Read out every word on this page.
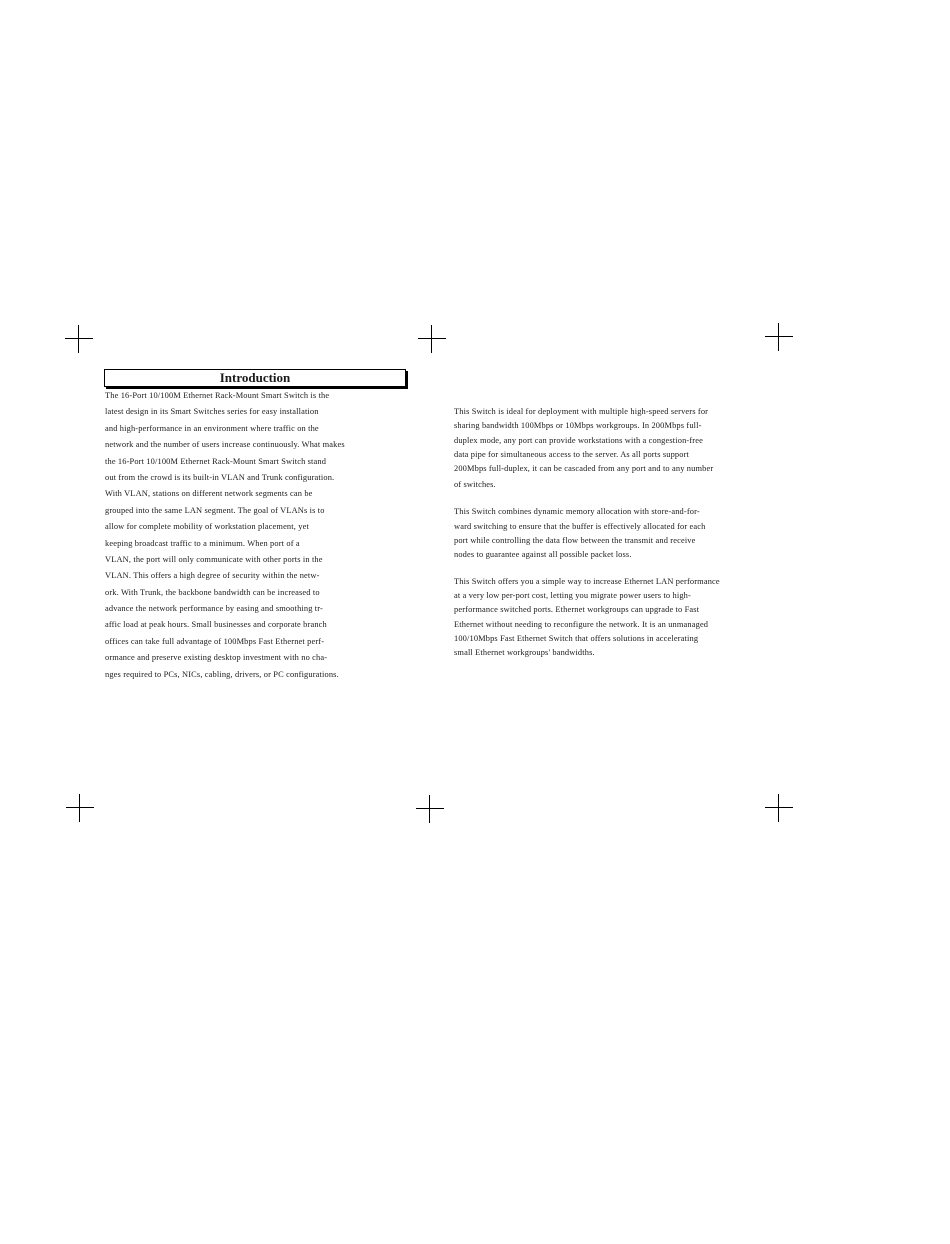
Introduction
The 16-Port 10/100M Ethernet Rack-Mount Smart Switch is the
latest design in its Smart Switches series for easy installation
and high-performance in an environment where traffic on the
network and the number of users increase continuously. What makes
the 16-Port 10/100M Ethernet Rack-Mount Smart Switch stand
out from the crowd is its built-in VLAN and Trunk configuration.
With VLAN, stations on different network segments can be
grouped into the same LAN segment. The goal of VLANs is to
allow for complete mobility of workstation placement, yet
keeping broadcast traffic to a minimum. When port of a
VLAN, the port will only communicate with other ports in the
VLAN. This offers a high degree of security within the netw-
ork. With Trunk, the backbone bandwidth can be increased to
advance the network performance by easing and smoothing tr-
affic load at peak hours. Small businesses and corporate branch
offices can take full advantage of 100Mbps Fast Ethernet perf-
ormance and preserve existing desktop investment with no cha-
nges required to PCs, NICs, cabling, drivers, or PC configurations.
This Switch is ideal for deployment with multiple high-speed servers for
sharing bandwidth 100Mbps or 10Mbps workgroups. In 200Mbps full-
duplex mode, any port can provide workstations with a congestion-free
data pipe for simultaneous access to the server. As all ports support
200Mbps full-duplex, it can be cascaded from any port and to any number
of switches.
This Switch combines dynamic memory allocation with store-and-for-
ward switching to ensure that the buffer is effectively allocated for each
port while controlling the data flow between the transmit and receive
nodes to guarantee against all possible packet loss.
This Switch offers you a simple way to increase Ethernet LAN performance
at a very low per-port cost, letting you migrate power users to high-
performance switched ports. Ethernet workgroups can upgrade to Fast
Ethernet without needing to reconfigure the network. It is an unmanaged
100/10Mbps Fast Ethernet Switch that offers solutions in accelerating
small Ethernet workgroups' bandwidths.
